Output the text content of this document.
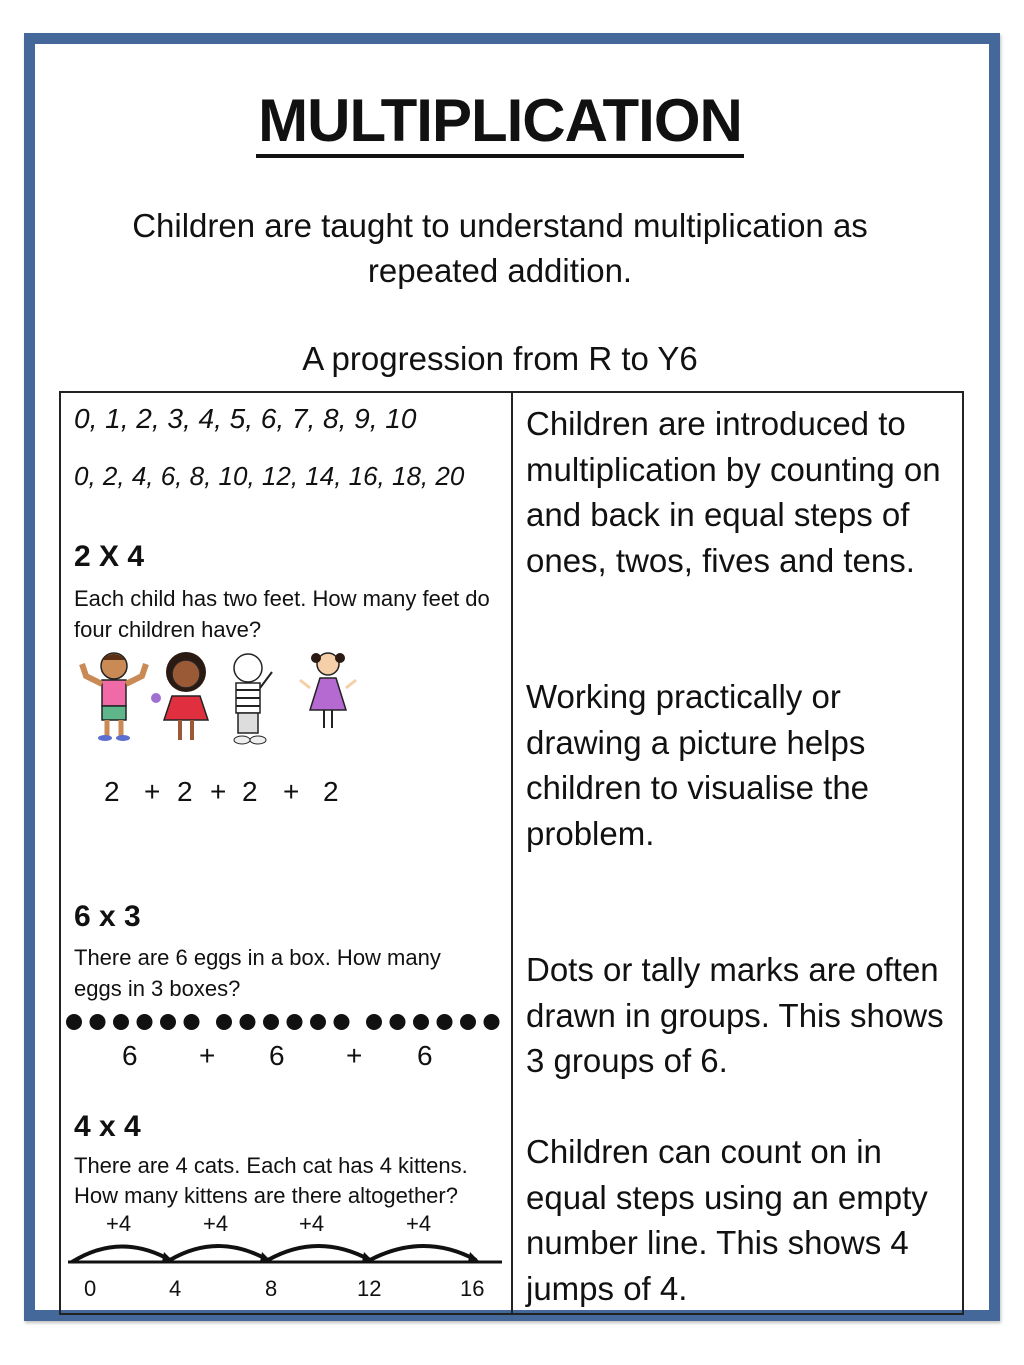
MULTIPLICATION
Children are taught to understand multiplication as repeated addition.
A progression from R to Y6
0, 1, 2, 3, 4, 5, 6, 7, 8, 9, 10
0, 2, 4, 6, 8, 10, 12, 14, 16, 18, 20
2 X 4
Each child has two feet. How many feet do four children have?
2 + 2 + 2 + 2
6 x 3
There are 6 eggs in a box. How many eggs in 3 boxes?
6 + 6 + 6
4 x 4
There are 4 cats. Each cat has 4 kittens. How many kittens are there altogether?
+4	+4	+4	+4
0	4	8	12	16
Children are introduced to multiplication by counting on and back in equal steps of ones, twos, fives and tens.
Working practically or drawing a picture helps children to visualise the problem.
Dots or tally marks are often drawn in groups. This shows 3 groups of 6.
Children can count on in equal steps using an empty number line. This shows 4 jumps of 4.
